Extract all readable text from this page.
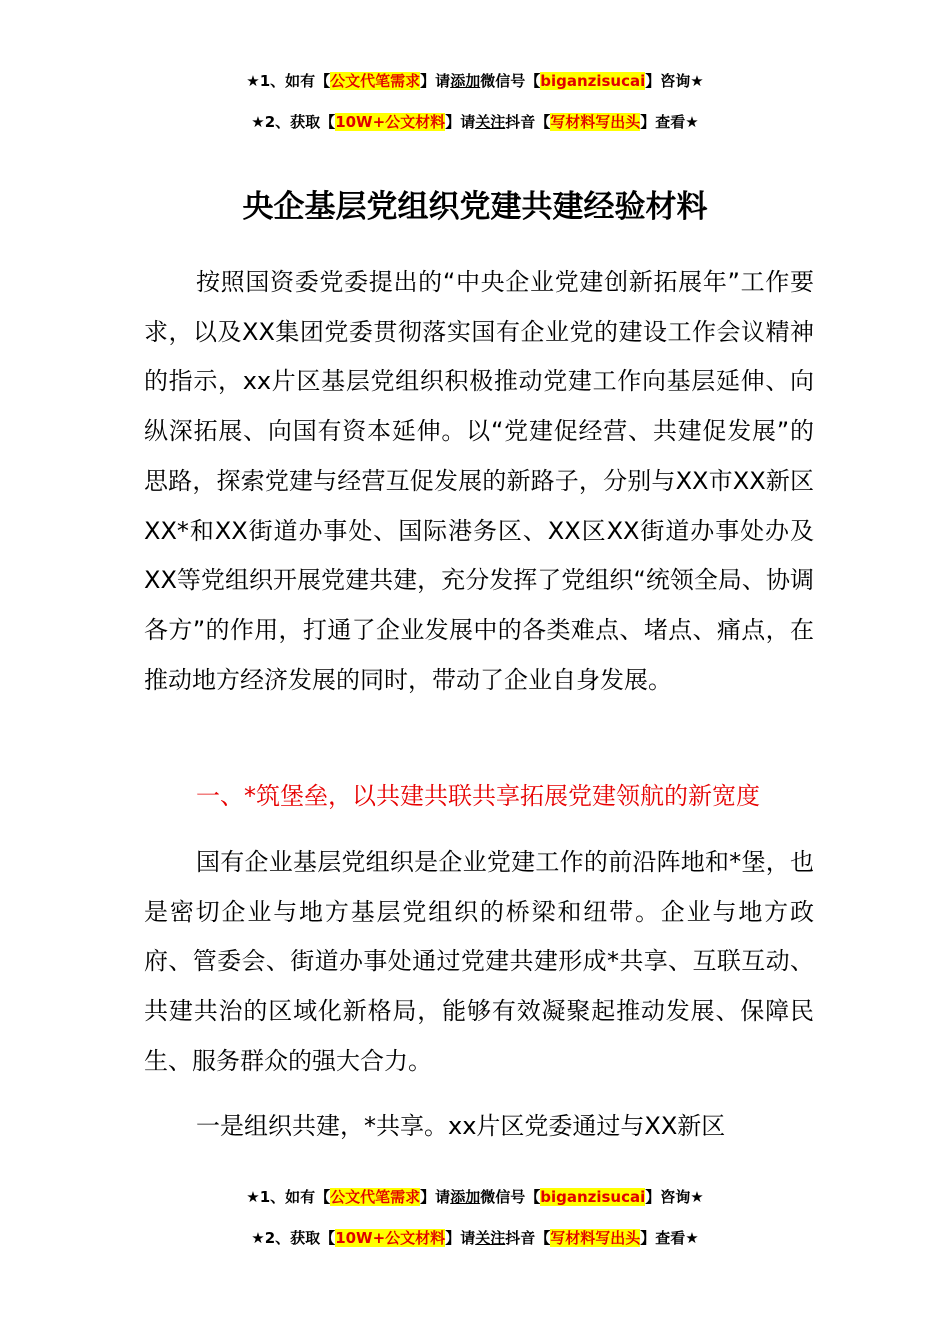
★1、如有【公文代笔需求】请添加微信号【biganzisucai】咨询★
★2、获取【10W+公文材料】请关注抖音【写材料写出头】查看★
央企基层党组织党建共建经验材料

按照国资委党委提出的“中央企业党建创新拓展年”工作要求，以及XX集团党委贯彻落实国有企业党的建设工作会议精神的指示，xx片区基层党组织积极推动党建工作向基层延伸、向纵深拓展、向国有资本延伸。以“党建促经营、共建促发展”的思路，探索党建与经营互促发展的新路子，分别与XX市XX新区XX*和XX街道办事处、国际港务区、XX区XX街道办事处办及XX等党组织开展党建共建，充分发挥了党组织“统领全局、协调各方”的作用，打通了企业发展中的各类难点、堵点、痛点，在推动地方经济发展的同时，带动了企业自身发展。

一、*筑堡垒，以共建共联共享拓展党建领航的新宽度

国有企业基层党组织是企业党建工作的前沿阵地和*堡，也是密切企业与地方基层党组织的桥梁和纽带。企业与地方政府、管委会、街道办事处通过党建共建形成*共享、互联互动、共建共治的区域化新格局，能够有效凝聚起推动发展、保障民生、服务群众的强大合力。

一是组织共建，*共享。xx片区党委通过与XX新区

★1、如有【公文代笔需求】请添加微信号【biganzisucai】咨询★
★2、获取【10W+公文材料】请关注抖音【写材料写出头】查看★
